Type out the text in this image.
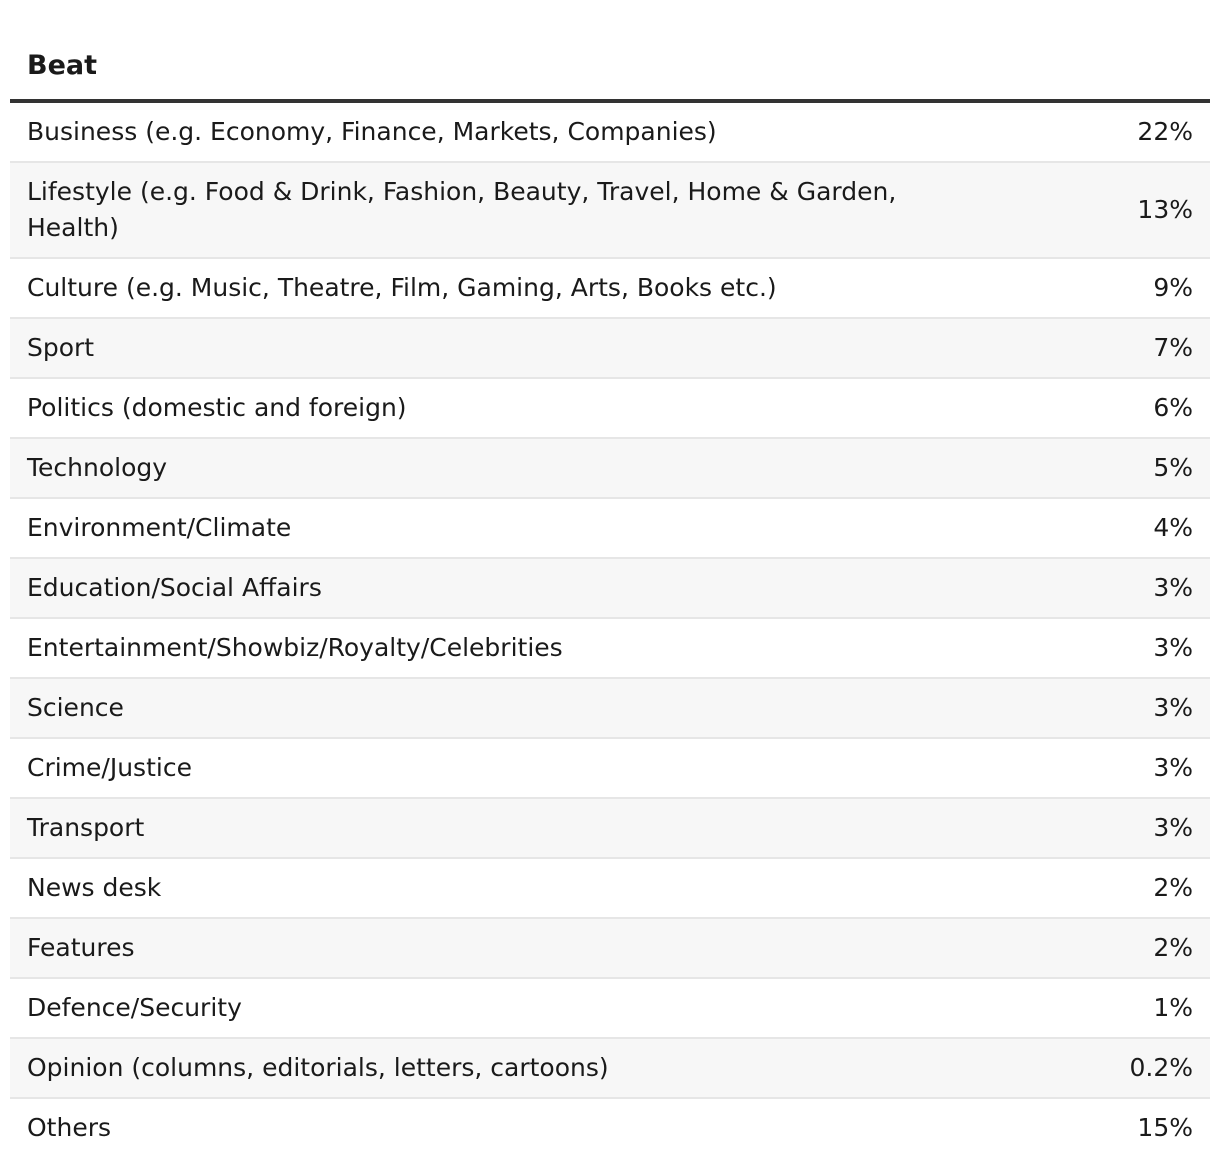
Beat	
Business (e.g. Economy, Finance, Markets, Companies)	22%
Lifestyle (e.g. Food & Drink, Fashion, Beauty, Travel, Home & Garden, Health)	13%
Culture (e.g. Music, Theatre, Film, Gaming, Arts, Books etc.)	9%
Sport	7%
Politics (domestic and foreign)	6%
Technology	5%
Environment/Climate	4%
Education/Social Affairs	3%
Entertainment/Showbiz/Royalty/Celebrities	3%
Science	3%
Crime/Justice	3%
Transport	3%
News desk	2%
Features	2%
Defence/Security	1%
Opinion (columns, editorials, letters, cartoons)	0.2%
Others	15%
